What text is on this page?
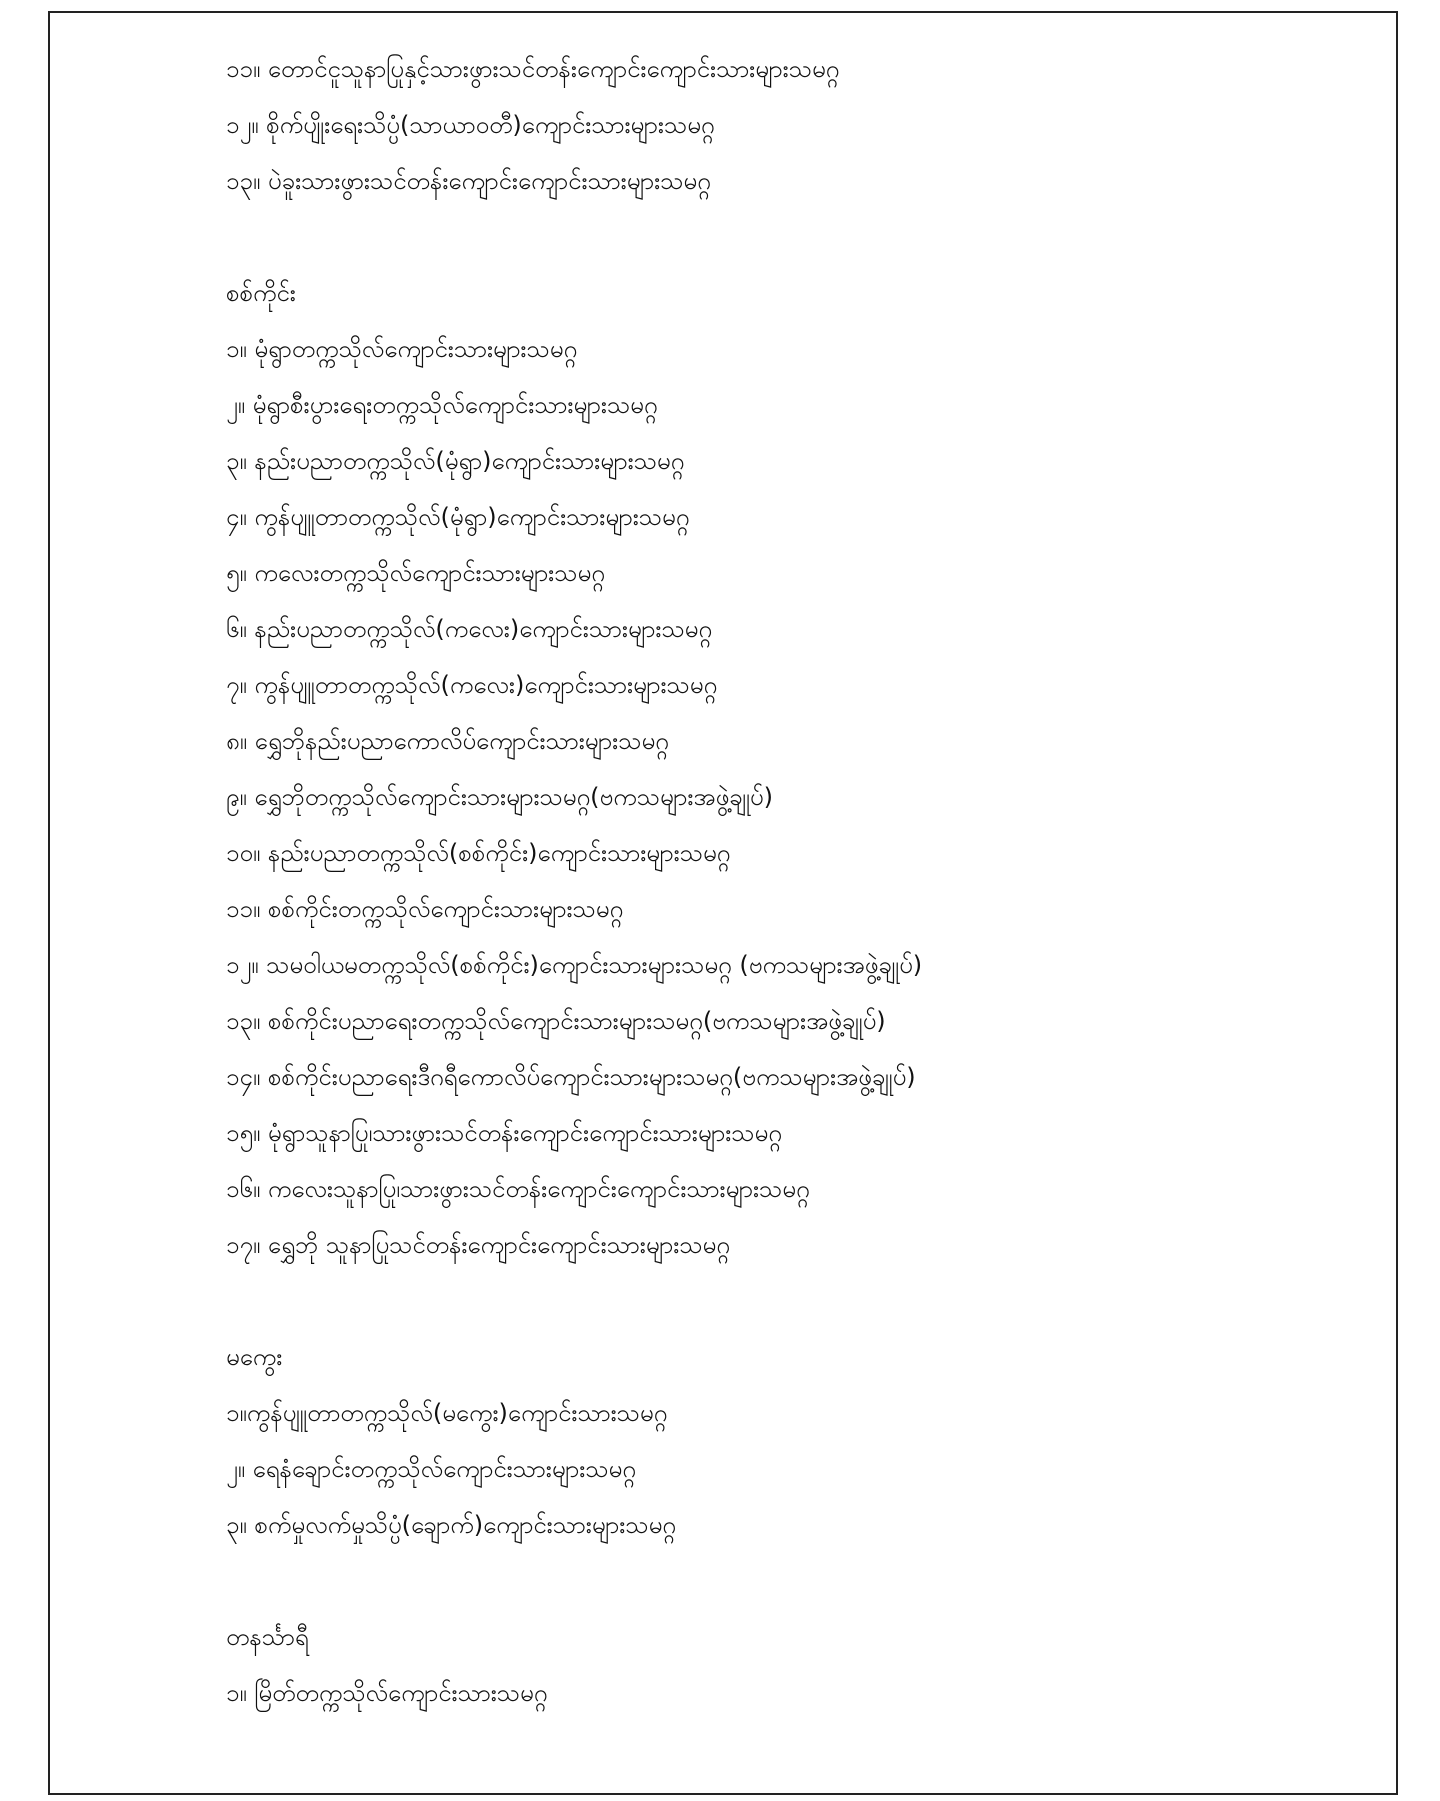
၁၁။ တောင်ငူသူနာပြုနှင့်သားဖွားသင်တန်းကျောင်းကျောင်းသားများသမဂ္ဂ
၁၂။ စိုက်ပျိုးရေးသိပ္ပံ(သာယာဝတီ)ကျောင်းသားများသမဂ္ဂ
၁၃။ ပဲခူးသားဖွားသင်တန်းကျောင်းကျောင်းသားများသမဂ္ဂ
စစ်ကိုင်း
၁။ မုံရွာတက္ကသိုလ်ကျောင်းသားများသမဂ္ဂ
၂။ မုံရွာစီးပွားရေးတက္ကသိုလ်ကျောင်းသားများသမဂ္ဂ
၃။ နည်းပညာတက္ကသိုလ်(မုံရွာ)ကျောင်းသားများသမဂ္ဂ
၄။ ကွန်ပျူတာတက္ကသိုလ်(မုံရွာ)ကျောင်းသားများသမဂ္ဂ
၅။ ကလေးတက္ကသိုလ်ကျောင်းသားများသမဂ္ဂ
၆။ နည်းပညာတက္ကသိုလ်(ကလေး)ကျောင်းသားများသမဂ္ဂ
၇။ ကွန်ပျူတာတက္ကသိုလ်(ကလေး)ကျောင်းသားများသမဂ္ဂ
၈။ ရွှေဘိုနည်းပညာကောလိပ်ကျောင်းသားများသမဂ္ဂ
၉။ ရွှေဘိုတက္ကသိုလ်ကျောင်းသားများသမဂ္ဂ(ဗကသများအဖွဲ့ချုပ်)
၁၀။ နည်းပညာတက္ကသိုလ်(စစ်ကိုင်း)ကျောင်းသားများသမဂ္ဂ
၁၁။ စစ်ကိုင်းတက္ကသိုလ်ကျောင်းသားများသမဂ္ဂ
၁၂။ သမဝါယမတက္ကသိုလ်(စစ်ကိုင်း)ကျောင်းသားများသမဂ္ဂ (ဗကသများအဖွဲ့ချုပ်)
၁၃။ စစ်ကိုင်းပညာရေးတက္ကသိုလ်ကျောင်းသားများသမဂ္ဂ(ဗကသများအဖွဲ့ချုပ်)
၁၄။ စစ်ကိုင်းပညာရေးဒီဂရီကောလိပ်ကျောင်းသားများသမဂ္ဂ(ဗကသများအဖွဲ့ချုပ်)
၁၅။ မုံရွာသူနာပြု၊သားဖွားသင်တန်းကျောင်းကျောင်းသားများသမဂ္ဂ
၁၆။ ကလေးသူနာပြု၊သားဖွားသင်တန်းကျောင်းကျောင်းသားများသမဂ္ဂ
၁၇။ ရွှေဘို သူနာပြုသင်တန်းကျောင်းကျောင်းသားများသမဂ္ဂ
မကွေး
၁။ကွန်ပျူတာတက္ကသိုလ်(မကွေး)ကျောင်းသားသမဂ္ဂ
၂။ ရေနံချောင်းတက္ကသိုလ်ကျောင်းသားများသမဂ္ဂ
၃။ စက်မှုလက်မှုသိပ္ပံ(ချောက်)ကျောင်းသားများသမဂ္ဂ
တနင်္သာရီ
၁။ မြိတ်တက္ကသိုလ်ကျောင်းသားသမဂ္ဂ
